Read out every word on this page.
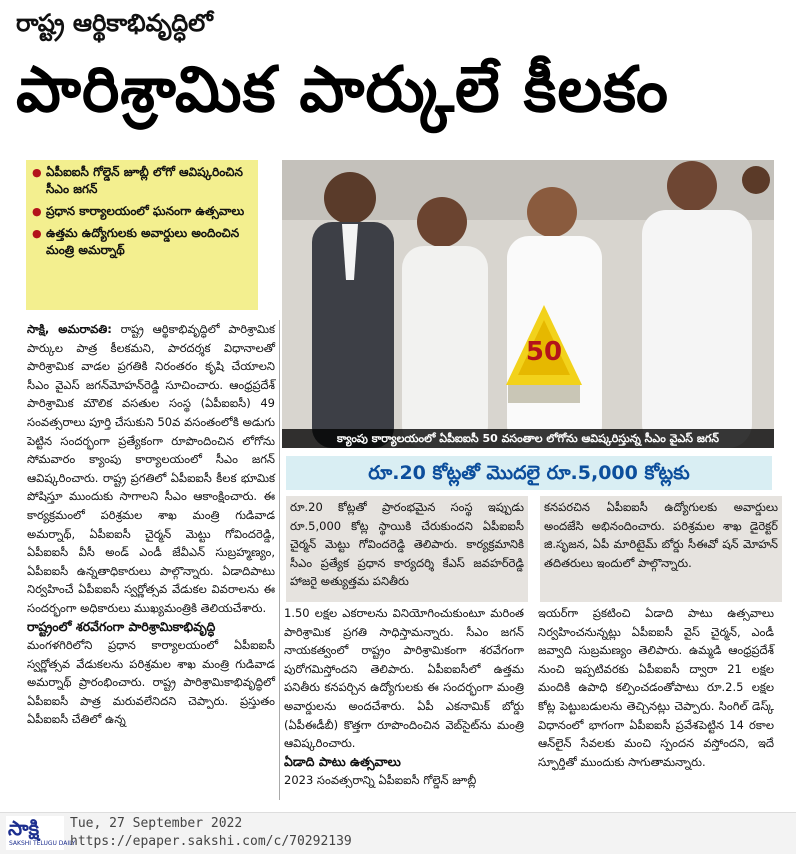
రాష్ట్ర ఆర్థికాభివృద్ధిలో
పారిశ్రామిక పార్కులే కీలకం
● ఏపీఐఐసీ గోల్డెన్ జూబ్లీ లోగో ఆవిష్కరించిన సీఎం జగన్
● ప్రధాన కార్యాలయంలో ఘనంగా ఉత్సవాలు
● ఉత్తమ ఉద్యోగులకు అవార్డులు అందించిన మంత్రి అమర్నాథ్
50
క్యాంపు కార్యాలయంలో ఏపీఐఐసీ 50 వసంతాల లోగోను ఆవిష్కరిస్తున్న సీఎం వైఎస్ జగన్
సాక్షి, అమరావతి: రాష్ట్ర ఆర్థికాభివృద్ధిలో పారిశ్రామిక పార్కుల పాత్ర కీలకమని, పారదర్శక విధానాలతో పారిశ్రామిక వాడల ప్రగతికి నిరంతరం కృషి చేయాలని సీఎం వైఎస్ జగన్‌మోహన్‌రెడ్డి సూచించారు. ఆంధ్రప్రదేశ్ పారిశ్రామిక మౌలిక వసతుల సంస్థ (ఏపీఐఐసీ) 49 సంవత్సరాలు పూర్తి చేసుకుని 50వ వసంతంలోకి అడుగు పెట్టిన సందర్భంగా ప్రత్యేకంగా రూపొందించిన లోగోను సోమవారం క్యాంపు కార్యాలయంలో సీఎం జగన్ ఆవిష్కరించారు. రాష్ట్ర ప్రగతిలో ఏపీఐఐసీ కీలక భూమిక పోషిస్తూ ముందుకు సాగాలని సీఎం ఆకాంక్షించారు. ఈ కార్యక్రమంలో పరిశ్రమల శాఖ మంత్రి గుడివాడ అమర్నాథ్, ఏపీఐఐసీ చైర్మన్ మెట్టు గోవిందరెడ్డి, ఏపీఐఐసీ వీసీ అండ్ ఎండీ జేవీఎన్ సుబ్రహ్మణ్యం, ఏపీఐఐసీ ఉన్నతాధికారులు పాల్గొన్నారు. ఏడాదిపాటు నిర్వహించే ఏపీఐఐసీ స్వర్ణోత్సవ వేడుకల వివరాలను ఈ సందర్భంగా అధికారులు ముఖ్యమంత్రికి తెలియచేశారు.
రాష్ట్రంలో శరవేగంగా పారిశ్రామికాభివృద్ధి
మంగళగిరిలోని ప్రధాన కార్యాలయంలో ఏపీఐఐసీ స్వర్ణోత్సవ వేడుకలను పరిశ్రమల శాఖ మంత్రి గుడివాడ అమర్నాథ్ ప్రారంభించారు. రాష్ట్ర పారిశ్రామికాభివృద్ధిలో ఏపీఐఐసీ పాత్ర మరువలేనిదని చెప్పారు. ప్రస్తుతం ఏపీఐఐసీ చేతిలో ఉన్న
రూ.20 కోట్లతో మొదలై రూ.5,000 కోట్లకు
రూ.20 కోట్లతో ప్రారంభమైన సంస్థ ఇప్పుడు రూ.5,000 కోట్ల స్థాయికి చేరుకుందని ఏపీఐఐసీ చైర్మన్ మెట్టు గోవిందరెడ్డి తెలిపారు. కార్యక్రమానికి సీఎం ప్రత్యేక ప్రధాన కార్యదర్శి కేఎస్ జవహర్‌రెడ్డి హాజరై అత్యుత్తమ పనితీరు
కనపరచిన ఏపీఐఐసీ ఉద్యోగులకు అవార్డులు అందజేసి అభినందించారు. పరిశ్రమల శాఖ డైరెక్టర్ జి.సృజన, ఏపీ మారిటైమ్ బోర్డు సీఈవో షన్ మోహన్ తదితరులు ఇందులో పాల్గొన్నారు.
1.50 లక్షల ఎకరాలను వినియోగించుకుంటూ మరింత పారిశ్రామిక ప్రగతి సాధిస్తామన్నారు. సీఎం జగన్ నాయకత్వంలో రాష్ట్రం పారిశ్రామికంగా శరవేగంగా పురోగమిస్తోందని తెలిపారు. ఏపీఐఐసీలో ఉత్తమ పనితీరు కనపర్చిన ఉద్యోగులకు ఈ సందర్భంగా మంత్రి అవార్డులను అందచేశారు. ఏపీ ఎకనామిక్ బోర్డు (ఏపీఈడీబీ) కొత్తగా రూపొందించిన వెబ్‌సైట్‌ను మంత్రి ఆవిష్కరించారు.
ఏడాది పాటు ఉత్సవాలు
2023 సంవత్సరాన్ని ఏపీఐఐసీ గోల్డెన్ జూబ్లీ
ఇయర్‌గా ప్రకటించి ఏడాది పాటు ఉత్సవాలు నిర్వహించనున్నట్లు ఏపీఐఐసీ వైస్ చైర్మన్, ఎండీ జవ్వాది సుబ్రమణ్యం తెలిపారు. ఉమ్మడి ఆంధ్రప్రదేశ్ నుంచి ఇప్పటివరకు ఏపీఐఐసీ ద్వారా 21 లక్షల మందికి ఉపాధి కల్పించడంతోపాటు రూ.2.5 లక్షల కోట్ల పెట్టుబడులను తెచ్చినట్లు చెప్పారు. సింగిల్ డెస్క్ విధానంలో భాగంగా ఏపీఐఐసీ ప్రవేశపెట్టిన 14 రకాల ఆన్‌లైన్ సేవలకు మంచి స్పందన వస్తోందని, ఇదే స్ఫూర్తితో ముందుకు సాగుతామన్నారు.
సాక్షి
SAKSHI TELUGU DAILY
Tue, 27 September 2022
https://epaper.sakshi.com/c/70292139
